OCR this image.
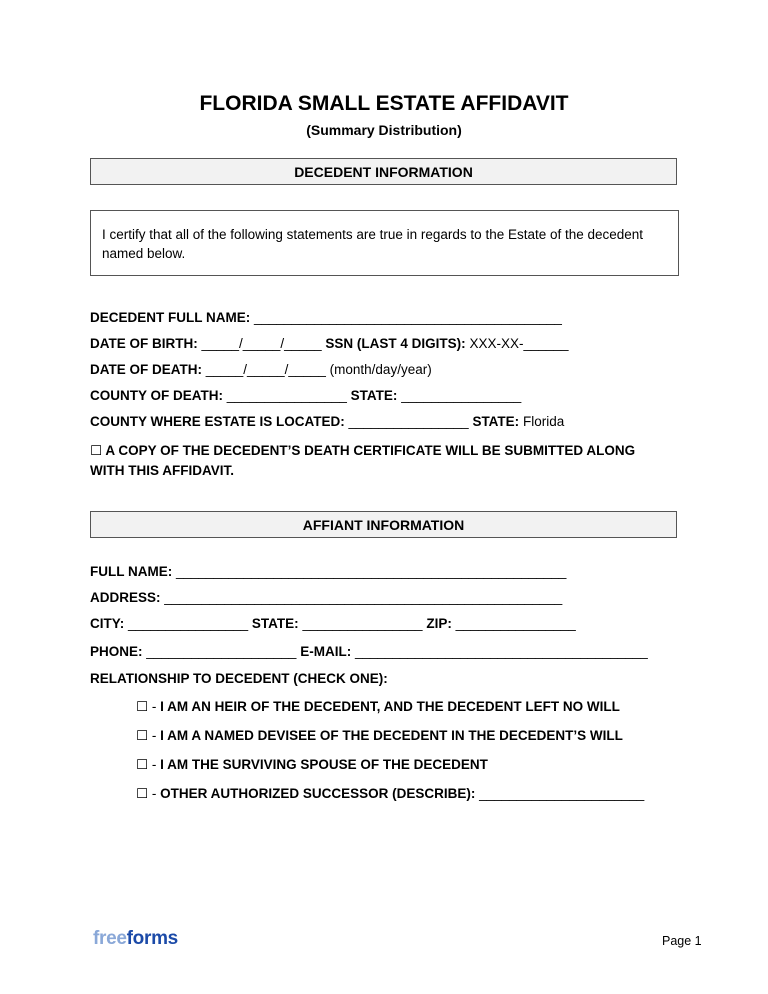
FLORIDA SMALL ESTATE AFFIDAVIT
(Summary Distribution)
DECEDENT INFORMATION
I certify that all of the following statements are true in regards to the Estate of the decedent named below.
DECEDENT FULL NAME: _________________________________________
DATE OF BIRTH: _____/_____/_____ SSN (LAST 4 DIGITS): XXX-XX-______
DATE OF DEATH: _____/_____/_____ (month/day/year)
COUNTY OF DEATH: ________________ STATE: ________________
COUNTY WHERE ESTATE IS LOCATED: ________________ STATE: Florida
☐ A COPY OF THE DECEDENT’S DEATH CERTIFICATE WILL BE SUBMITTED ALONG
WITH THIS AFFIDAVIT.
AFFIANT INFORMATION
FULL NAME: ____________________________________________________
ADDRESS: _____________________________________________________
CITY: ________________ STATE: ________________ ZIP: ________________
PHONE: ____________________ E-MAIL: _______________________________________
RELATIONSHIP TO DECEDENT (CHECK ONE):
☐ - I AM AN HEIR OF THE DECEDENT, AND THE DECEDENT LEFT NO WILL
☐ - I AM A NAMED DEVISEE OF THE DECEDENT IN THE DECEDENT’S WILL
☐ - I AM THE SURVIVING SPOUSE OF THE DECEDENT
☐ - OTHER AUTHORIZED SUCCESSOR (DESCRIBE): ______________________
freeforms	Page 1
